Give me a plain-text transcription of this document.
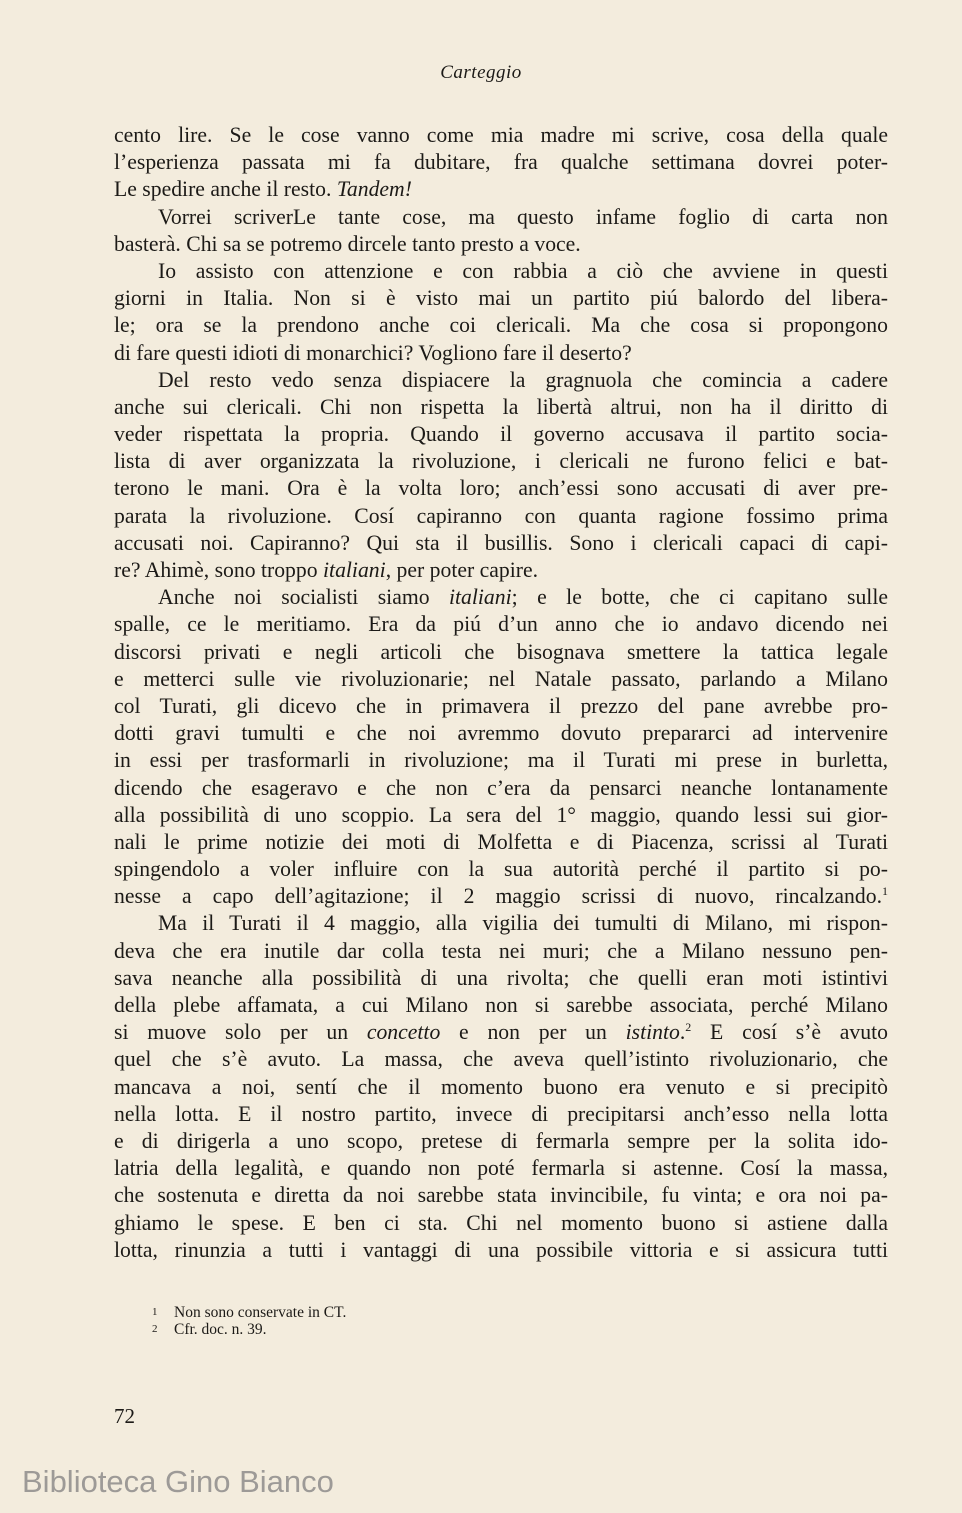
Carteggio
cento lire. Se le cose vanno come mia madre mi scrive, cosa della quale
l’esperienza passata mi fa dubitare, fra qualche settimana dovrei poter-
Le spedire anche il resto. Tandem!
Vorrei scriverLe tante cose, ma questo infame foglio di carta non
basterà. Chi sa se potremo dircele tanto presto a voce.
Io assisto con attenzione e con rabbia a ciò che avviene in questi
giorni in Italia. Non si è visto mai un partito piú balordo del libera-
le; ora se la prendono anche coi clericali. Ma che cosa si propongono
di fare questi idioti di monarchici? Vogliono fare il deserto?
Del resto vedo senza dispiacere la gragnuola che comincia a cadere
anche sui clericali. Chi non rispetta la libertà altrui, non ha il diritto di
veder rispettata la propria. Quando il governo accusava il partito socia-
lista di aver organizzata la rivoluzione, i clericali ne furono felici e bat-
terono le mani. Ora è la volta loro; anch’essi sono accusati di aver pre-
parata la rivoluzione. Cosí capiranno con quanta ragione fossimo prima
accusati noi. Capiranno? Qui sta il busillis. Sono i clericali capaci di capi-
re? Ahimè, sono troppo italiani, per poter capire.
Anche noi socialisti siamo italiani; e le botte, che ci capitano sulle
spalle, ce le meritiamo. Era da piú d’un anno che io andavo dicendo nei
discorsi privati e negli articoli che bisognava smettere la tattica legale
e metterci sulle vie rivoluzionarie; nel Natale passato, parlando a Milano
col Turati, gli dicevo che in primavera il prezzo del pane avrebbe pro-
dotti gravi tumulti e che noi avremmo dovuto prepararci ad intervenire
in essi per trasformarli in rivoluzione; ma il Turati mi prese in burletta,
dicendo che esageravo e che non c’era da pensarci neanche lontanamente
alla possibilità di uno scoppio. La sera del 1° maggio, quando lessi sui gior-
nali le prime notizie dei moti di Molfetta e di Piacenza, scrissi al Turati
spingendolo a voler influire con la sua autorità perché il partito si po-
nesse a capo dell’agitazione; il 2 maggio scrissi di nuovo, rincalzando.$^1$
Ma il Turati il 4 maggio, alla vigilia dei tumulti di Milano, mi rispon-
deva che era inutile dar colla testa nei muri; che a Milano nessuno pen-
sava neanche alla possibilità di una rivolta; che quelli eran moti istintivi
della plebe affamata, a cui Milano non si sarebbe associata, perché Milano
si muove solo per un concetto e non per un istinto.$^2$ E cosí s’è avuto
quel che s’è avuto. La massa, che aveva quell’istinto rivoluzionario, che
mancava a noi, sentí che il momento buono era venuto e si precipitò
nella lotta. E il nostro partito, invece di precipitarsi anch’esso nella lotta
e di dirigerla a uno scopo, pretese di fermarla sempre per la solita ido-
latria della legalità, e quando non poté fermarla si astenne. Cosí la massa,
che sostenuta e diretta da noi sarebbe stata invincibile, fu vinta; e ora noi pa-
ghiamo le spese. E ben ci sta. Chi nel momento buono si astiene dalla
lotta, rinunzia a tutti i vantaggi di una possibile vittoria e si assicura tutti
1 Non sono conservate in CT.
2 Cfr. doc. n. 39.
72
Biblioteca Gino Bianco
